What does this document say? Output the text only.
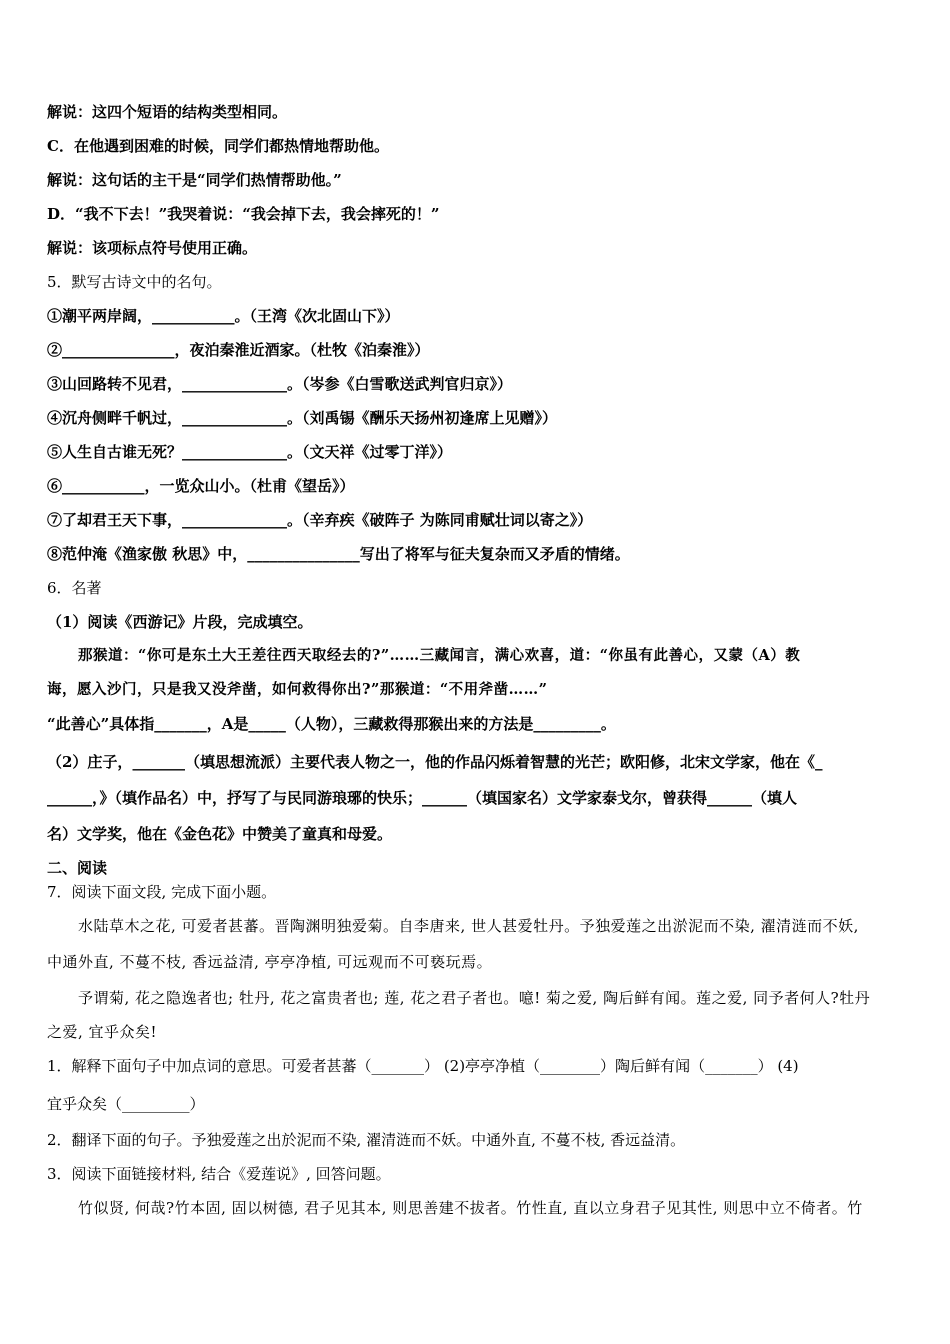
解说：这四个短语的结构类型相同。
C．在他遇到困难的时候，同学们都热情地帮助他。
解说：这句话的主干是“同学们热情帮助他。”
D．“我不下去！”我哭着说：“我会掉下去，我会摔死的！”
解说：该项标点符号使用正确。
5．默写古诗文中的名句。
①潮平两岸阔，___________。（王湾《次北固山下》）
②_______________，夜泊秦淮近酒家。（杜牧《泊秦淮》）
③山回路转不见君，______________。（岑参《白雪歌送武判官归京》）
④沉舟侧畔千帆过，______________。（刘禹锡《酬乐天扬州初逢席上见赠》）
⑤人生自古谁无死？______________。（文天祥《过零丁洋》）
⑥___________，一览众山小。（杜甫《望岳》）
⑦了却君王天下事，______________。（辛弃疾《破阵子 为陈同甫赋壮词以寄之》）
⑧范仲淹《渔家傲 秋思》中，_______________写出了将军与征夫复杂而又矛盾的情绪。
6．名著
（1）阅读《西游记》片段，完成填空。
那猴道：“你可是东土大王差往西天取经去的?”……三藏闻言，满心欢喜，道：“你虽有此善心，又蒙（A）教
诲，愿入沙门，只是我又没斧凿，如何救得你出?”那猴道：“不用斧凿……”
“此善心”具体指_______，A是_____（人物），三藏救得那猴出来的方法是_________。
（2）庄子，_______（填思想流派）主要代表人物之一，他的作品闪烁着智慧的光芒；欧阳修，北宋文学家，他在《_
______，》（填作品名）中，抒写了与民同游琅琊的快乐；______（填国家名）文学家泰戈尔，曾获得______（填人
名）文学奖，他在《金色花》中赞美了童真和母爱。
二、阅读
7．阅读下面文段, 完成下面小题。
水陆草木之花, 可爱者甚蕃。晋陶渊明独爱菊。自李唐来, 世人甚爱牡丹。予独爱莲之出淤泥而不染, 濯清涟而不妖,
中通外直, 不蔓不枝, 香远益清, 亭亭净植, 可远观而不可亵玩焉。
予谓菊, 花之隐逸者也; 牡丹, 花之富贵者也; 莲, 花之君子者也。噫! 菊之爱, 陶后鲜有闻。莲之爱, 同予者何人?牡丹
之爱, 宜乎众矣!
1．解释下面句子中加点词的意思。可爱者甚蕃（_______） (2)亭亭净植（________）陶后鲜有闻（_______） (4)
宜乎众矣（_________）
2．翻译下面的句子。予独爱莲之出於泥而不染, 濯清涟而不妖。中通外直, 不蔓不枝, 香远益清。
3．阅读下面链接材料, 结合《爱莲说》, 回答问题。
竹似贤, 何哉?竹本固, 固以树德, 君子见其本, 则思善建不拔者。竹性直, 直以立身君子见其性, 则思中立不倚者。竹
